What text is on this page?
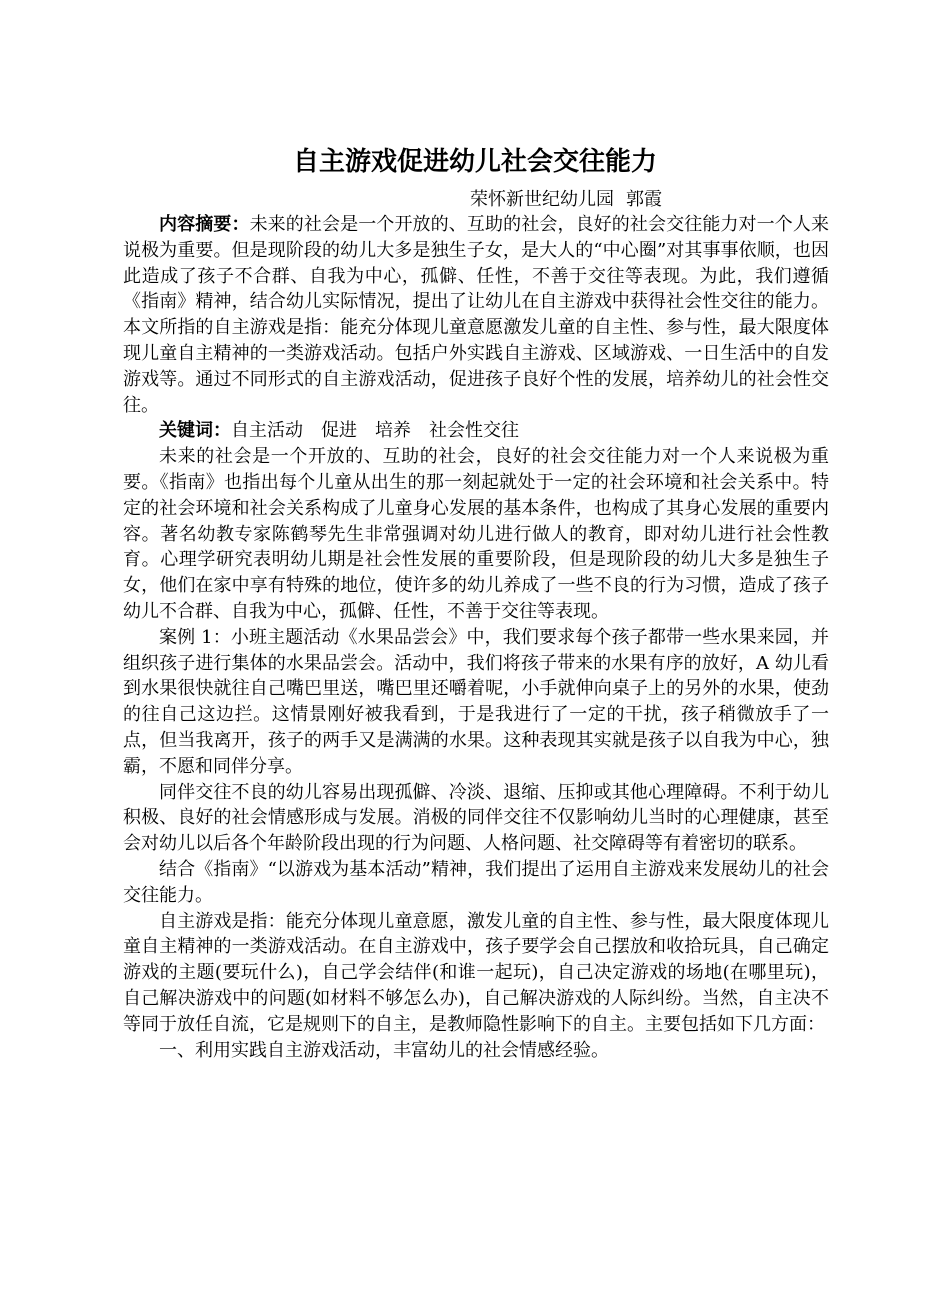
自主游戏促进幼儿社会交往能力
荣怀新世纪幼儿园 郭霞

内容摘要：未来的社会是一个开放的、互助的社会，良好的社会交往能力对一个人来说极为重要。但是现阶段的幼儿大多是独生子女，是大人的“中心圈”对其事事依顺，也因此造成了孩子不合群、自我为中心，孤僻、任性，不善于交往等表现。为此，我们遵循《指南》精神，结合幼儿实际情况，提出了让幼儿在自主游戏中获得社会性交往的能力。本文所指的自主游戏是指：能充分体现儿童意愿激发儿童的自主性、参与性，最大限度体现儿童自主精神的一类游戏活动。包括户外实践自主游戏、区域游戏、一日生活中的自发游戏等。通过不同形式的自主游戏活动，促进孩子良好个性的发展，培养幼儿的社会性交往。

关键词：自主活动 促进 培养 社会性交往

未来的社会是一个开放的、互助的社会，良好的社会交往能力对一个人来说极为重要。《指南》也指出每个儿童从出生的那一刻起就处于一定的社会环境和社会关系中。特定的社会环境和社会关系构成了儿童身心发展的基本条件，也构成了其身心发展的重要内容。著名幼教专家陈鹤琴先生非常强调对幼儿进行做人的教育，即对幼儿进行社会性教育。心理学研究表明幼儿期是社会性发展的重要阶段，但是现阶段的幼儿大多是独生子女，他们在家中享有特殊的地位，使许多的幼儿养成了一些不良的行为习惯，造成了孩子幼儿不合群、自我为中心，孤僻、任性，不善于交往等表现。

案例 1：小班主题活动《水果品尝会》中，我们要求每个孩子都带一些水果来园，并组织孩子进行集体的水果品尝会。活动中，我们将孩子带来的水果有序的放好，A 幼儿看到水果很快就往自己嘴巴里送，嘴巴里还嚼着呢，小手就伸向桌子上的另外的水果，使劲的往自己这边拦。这情景刚好被我看到，于是我进行了一定的干扰，孩子稍微放手了一点，但当我离开，孩子的两手又是满满的水果。这种表现其实就是孩子以自我为中心，独霸，不愿和同伴分享。

同伴交往不良的幼儿容易出现孤僻、冷淡、退缩、压抑或其他心理障碍。不利于幼儿积极、良好的社会情感形成与发展。消极的同伴交往不仅影响幼儿当时的心理健康，甚至会对幼儿以后各个年龄阶段出现的行为问题、人格问题、社交障碍等有着密切的联系。

结合《指南》“以游戏为基本活动”精神，我们提出了运用自主游戏来发展幼儿的社会交往能力。

自主游戏是指：能充分体现儿童意愿，激发儿童的自主性、参与性，最大限度体现儿童自主精神的一类游戏活动。在自主游戏中，孩子要学会自己摆放和收拾玩具，自己确定游戏的主题(要玩什么)，自己学会结伴(和谁一起玩)，自己决定游戏的场地(在哪里玩)，自己解决游戏中的问题(如材料不够怎么办)，自己解决游戏的人际纠纷。当然，自主决不等同于放任自流，它是规则下的自主，是教师隐性影响下的自主。主要包括如下几方面：

一、利用实践自主游戏活动，丰富幼儿的社会情感经验。
